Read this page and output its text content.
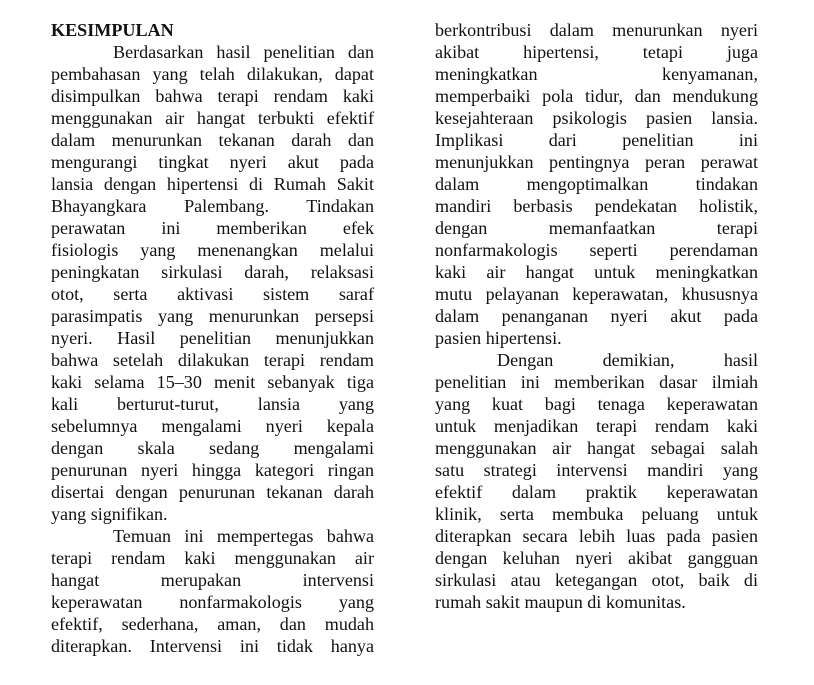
KESIMPULAN
Berdasarkan hasil penelitian dan
pembahasan yang telah dilakukan, dapat
disimpulkan bahwa terapi rendam kaki
menggunakan air hangat terbukti efektif
dalam menurunkan tekanan darah dan
mengurangi tingkat nyeri akut pada
lansia dengan hipertensi di Rumah Sakit
Bhayangkara Palembang. Tindakan
perawatan ini memberikan efek
fisiologis yang menenangkan melalui
peningkatan sirkulasi darah, relaksasi
otot, serta aktivasi sistem saraf
parasimpatis yang menurunkan persepsi
nyeri. Hasil penelitian menunjukkan
bahwa setelah dilakukan terapi rendam
kaki selama 15–30 menit sebanyak tiga
kali berturut-turut, lansia yang
sebelumnya mengalami nyeri kepala
dengan skala sedang mengalami
penurunan nyeri hingga kategori ringan
disertai dengan penurunan tekanan darah
yang signifikan.
Temuan ini mempertegas bahwa
terapi rendam kaki menggunakan air
hangat merupakan intervensi
keperawatan nonfarmakologis yang
efektif, sederhana, aman, dan mudah
diterapkan. Intervensi ini tidak hanya
berkontribusi dalam menurunkan nyeri
akibat hipertensi, tetapi juga
meningkatkan kenyamanan,
memperbaiki pola tidur, dan mendukung
kesejahteraan psikologis pasien lansia.
Implikasi dari penelitian ini
menunjukkan pentingnya peran perawat
dalam mengoptimalkan tindakan
mandiri berbasis pendekatan holistik,
dengan memanfaatkan terapi
nonfarmakologis seperti perendaman
kaki air hangat untuk meningkatkan
mutu pelayanan keperawatan, khususnya
dalam penanganan nyeri akut pada
pasien hipertensi.
Dengan demikian, hasil
penelitian ini memberikan dasar ilmiah
yang kuat bagi tenaga keperawatan
untuk menjadikan terapi rendam kaki
menggunakan air hangat sebagai salah
satu strategi intervensi mandiri yang
efektif dalam praktik keperawatan
klinik, serta membuka peluang untuk
diterapkan secara lebih luas pada pasien
dengan keluhan nyeri akibat gangguan
sirkulasi atau ketegangan otot, baik di
rumah sakit maupun di komunitas.
